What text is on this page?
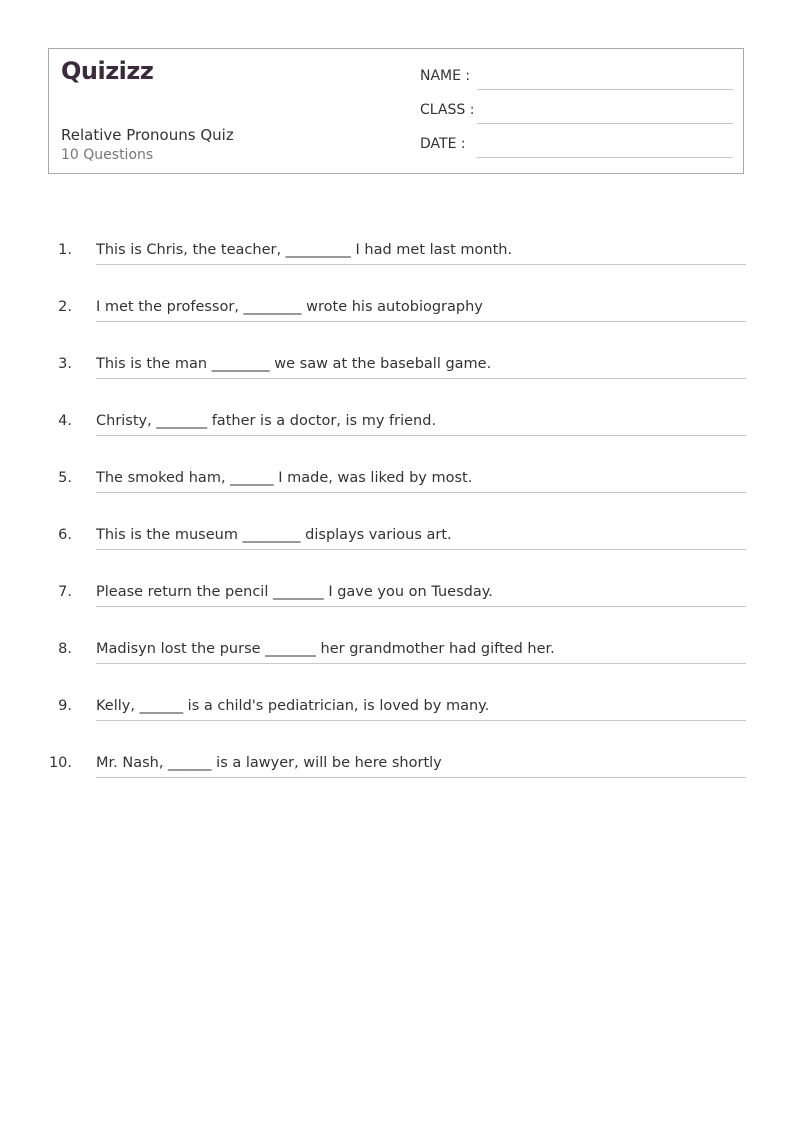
Quizizz
Relative Pronouns Quiz
10 Questions
NAME :
CLASS :
DATE :
1. This is Chris, the teacher, _________ I had met last month.
2. I met the professor, ________ wrote his autobiography
3. This is the man ________ we saw at the baseball game.
4. Christy, _______ father is a doctor, is my friend.
5. The smoked ham, ______ I made, was liked by most.
6. This is the museum ________ displays various art.
7. Please return the pencil _______ I gave you on Tuesday.
8. Madisyn lost the purse _______ her grandmother had gifted her.
9. Kelly, ______ is a child's pediatrician, is loved by many.
10. Mr. Nash, ______ is a lawyer, will be here shortly
